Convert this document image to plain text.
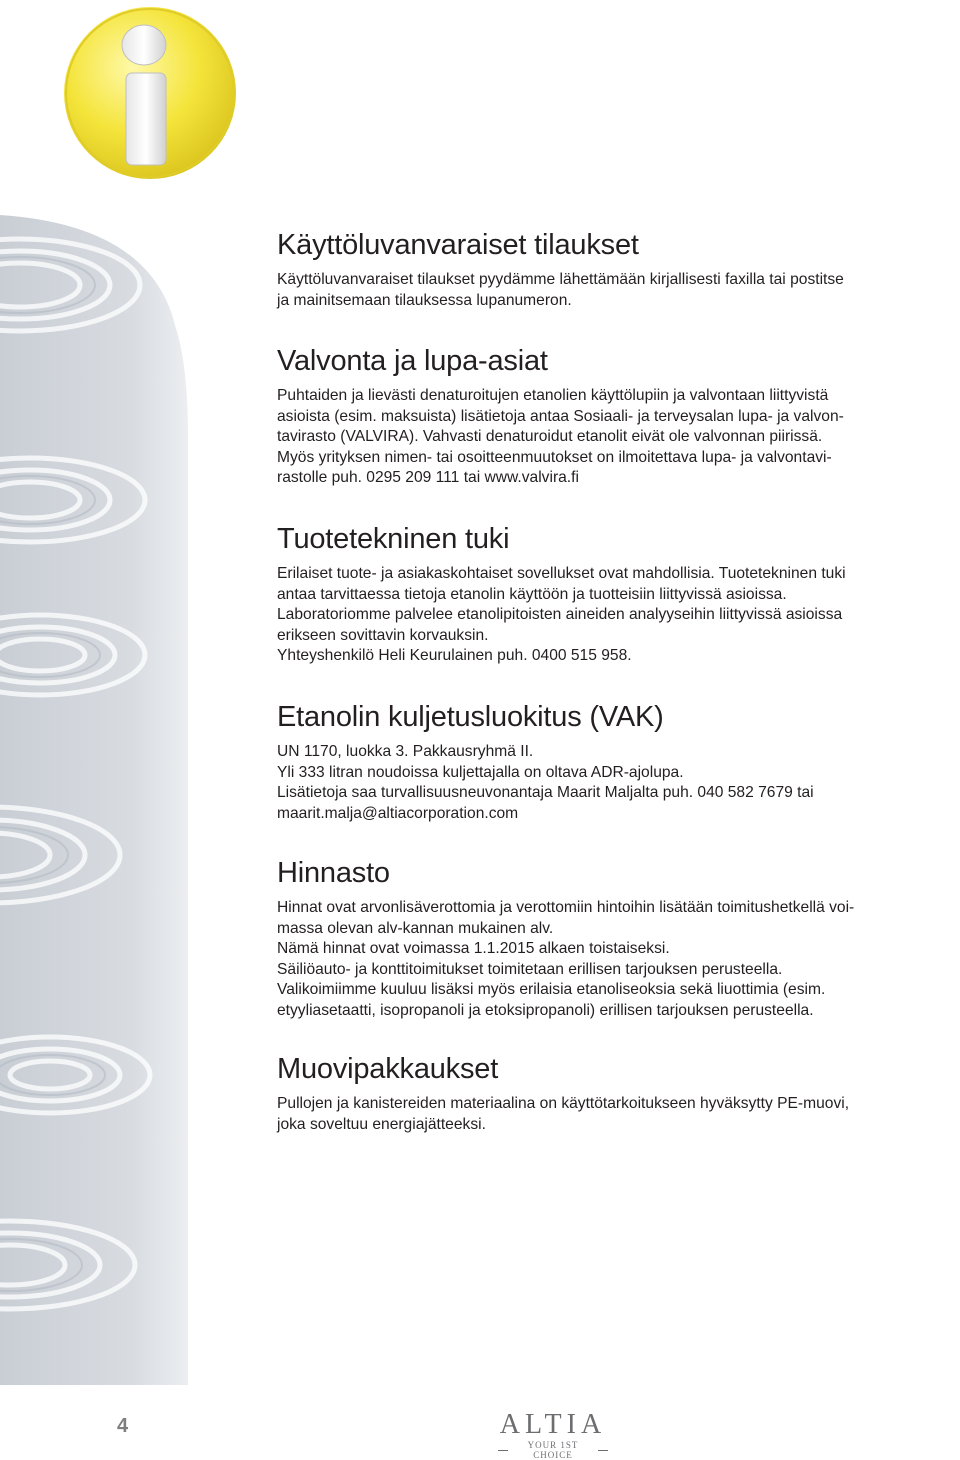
Käyttöluvanvaraiset tilaukset
Käyttöluvanvaraiset tilaukset pyydämme lähettämään kirjallisesti faxilla tai postitse
ja mainitsemaan tilauksessa lupanumeron.
Valvonta ja lupa-asiat
Puhtaiden ja lievästi denaturoitujen etanolien käyttölupiin ja valvontaan liittyvistä
asioista (esim. maksuista) lisätietoja antaa Sosiaali- ja terveysalan lupa- ja valvon-
tavirasto (VALVIRA). Vahvasti denaturoidut etanolit eivät ole valvonnan piirissä.
Myös yrityksen nimen- tai osoitteenmuutokset on ilmoitettava lupa- ja valvontavi-
rastolle puh. 0295 209 111 tai www.valvira.fi
Tuotetekninen tuki
Erilaiset tuote- ja asiakaskohtaiset sovellukset ovat mahdollisia. Tuotetekninen tuki
antaa tarvittaessa tietoja etanolin käyttöön ja tuotteisiin liittyvissä asioissa.
Laboratoriomme palvelee etanolipitoisten aineiden analyyseihin liittyvissä asioissa
erikseen sovittavin korvauksin.
Yhteyshenkilö Heli Keurulainen puh. 0400 515 958.
Etanolin kuljetusluokitus (VAK)
UN 1170, luokka 3. Pakkausryhmä II.
Yli 333 litran noudoissa kuljettajalla on oltava ADR-ajolupa.
Lisätietoja saa turvallisuusneuvonantaja Maarit Maljalta puh. 040 582 7679 tai
maarit.malja@altiacorporation.com
Hinnasto
Hinnat ovat arvonlisäverottomia ja verottomiin hintoihin lisätään toimitushetkellä voi-
massa olevan alv-kannan mukainen alv.
Nämä hinnat ovat voimassa 1.1.2015 alkaen toistaiseksi.
Säiliöauto- ja konttitoimitukset toimitetaan erillisen tarjouksen perusteella.
Valikoimiimme kuuluu lisäksi myös erilaisia etanoliseoksia sekä liuottimia (esim.
etyyliasetaatti, isopropanoli ja etoksipropanoli) erillisen tarjouksen perusteella.
Muovipakkaukset
Pullojen ja kanistereiden materiaalina on käyttötarkoitukseen hyväksytty PE-muovi,
joka soveltuu energiajätteeksi.
4	ALTIA
YOUR 1ST CHOICE
